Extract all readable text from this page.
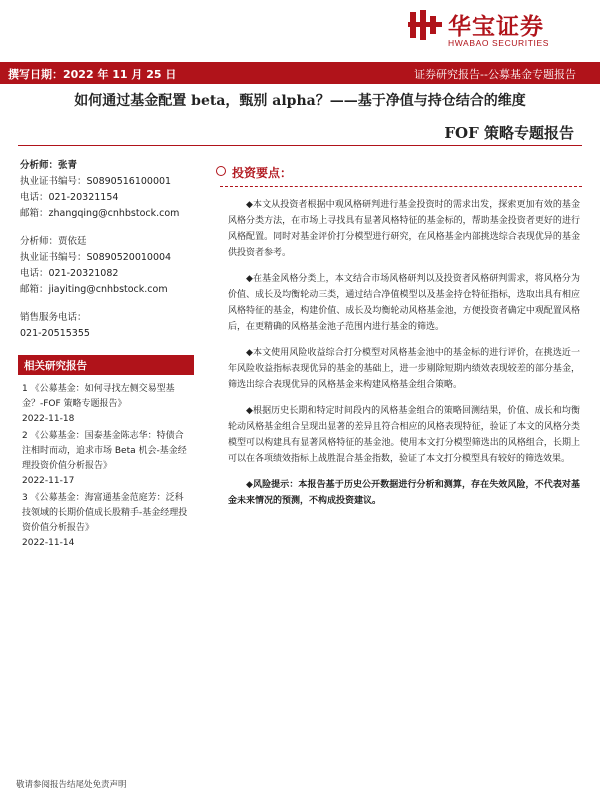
华宝证券
HWABAO SECURITIES
撰写日期：2022 年 11 月 25 日	证券研究报告--公募基金专题报告
如何通过基金配置 beta，甄别 alpha？——基于净值与持仓结合的维度
FOF 策略专题报告
分析师：张青
执业证书编号：S0890516100001
电话：021-20321154
邮箱：zhangqing@cnhbstock.com
分析师：贾依廷
执业证书编号：S0890520010004
电话：021-20321082
邮箱：jiayiting@cnhbstock.com
销售服务电话：
021-20515355
相关研究报告
1 《公募基金：如何寻找左侧交易型基金？-FOF 策略专题报告》
2022-11-18
2 《公募基金：国泰基金陈志华：特债合注相时而动，追求市场 Beta 机会-基金经理投资价值分析报告》
2022-11-17
3 《公募基金：海富通基金范庭芳：泛科技领域的长期价值成长股精手-基金经理投资价值分析报告》
2022-11-14
投资要点：

◆本文从投资者根据中观风格研判进行基金投资时的需求出发，探索更加有效的基金风格分类方法，在市场上寻找具有显著风格特征的基金标的，帮助基金投资者更好的进行风格配置。同时对基金评价打分模型进行研究，在风格基金内部挑选综合表现优异的基金供投资者参考。

◆在基金风格分类上，本文结合市场风格研判以及投资者风格研判需求，将风格分为价值、成长及均衡轮动三类，通过结合净值模型以及基金持仓特征指标，选取出具有相应风格特征的基金，构建价值、成长及均衡轮动风格基金池，方便投资者确定中观配置风格后，在更精确的风格基金池子范围内进行基金的筛选。

◆本文使用风险收益综合打分模型对风格基金池中的基金标的进行评价，在挑选近一年风险收益指标表现优异的基金的基础上，进一步剔除短期内绩效表现较差的部分基金，筛选出综合表现优异的风格基金来构建风格基金组合策略。

◆根据历史长期和特定时间段内的风格基金组合的策略回测结果，价值、成长和均衡轮动风格基金组合呈现出显著的差异且符合相应的风格表现特征，验证了本文的风格分类模型可以构建具有显著风格特征的基金池。使用本文打分模型筛选出的风格组合，长期上可以在各项绩效指标上战胜混合基金指数，验证了本文打分模型具有较好的筛选效果。

◆风险提示：本报告基于历史公开数据进行分析和测算，存在失效风险，不代表对基金未来情况的预测，不构成投资建议。

敬请参阅报告结尾处免责声明
